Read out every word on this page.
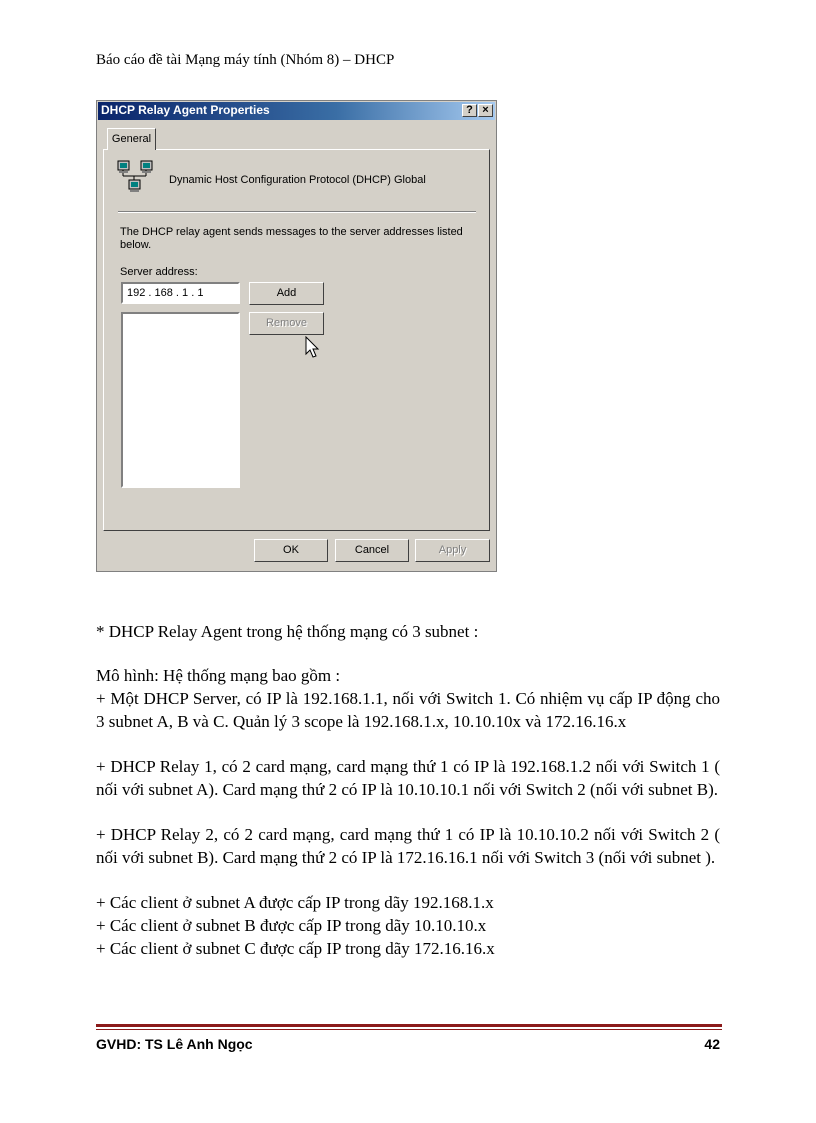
Báo cáo đề tài Mạng máy tính (Nhóm 8) – DHCP
DHCP Relay Agent Properties	? ×
General
Dynamic Host Configuration Protocol (DHCP) Global
The DHCP relay agent sends messages to the server addresses listed below.
Server address:
192 . 168 . 1 . 1	Add
Remove
OK	Cancel	Apply
* DHCP Relay Agent trong hệ thống mạng có 3 subnet :
Mô hình: Hệ thống mạng bao gồm :
+ Một DHCP Server, có IP là 192.168.1.1, nối với Switch 1. Có nhiệm vụ cấp IP động cho 3 subnet A, B và C. Quản lý 3 scope là 192.168.1.x, 10.10.10x và 172.16.16.x
+ DHCP Relay 1, có 2 card mạng, card mạng thứ 1 có IP là 192.168.1.2 nối với Switch 1 ( nối với subnet A). Card mạng thứ 2 có IP là 10.10.10.1 nối với Switch 2 (nối với subnet B).
+ DHCP Relay 2, có 2 card mạng, card mạng thứ 1 có IP là 10.10.10.2 nối với Switch 2 ( nối với subnet B). Card mạng thứ 2 có IP là 172.16.16.1 nối với Switch 3 (nối với subnet ).
+ Các client ở subnet A được cấp IP trong dãy 192.168.1.x
+ Các client ở subnet B được cấp IP trong dãy 10.10.10.x
+ Các client ở subnet C được cấp IP trong dãy 172.16.16.x
GVHD: TS Lê Anh Ngọc	42
